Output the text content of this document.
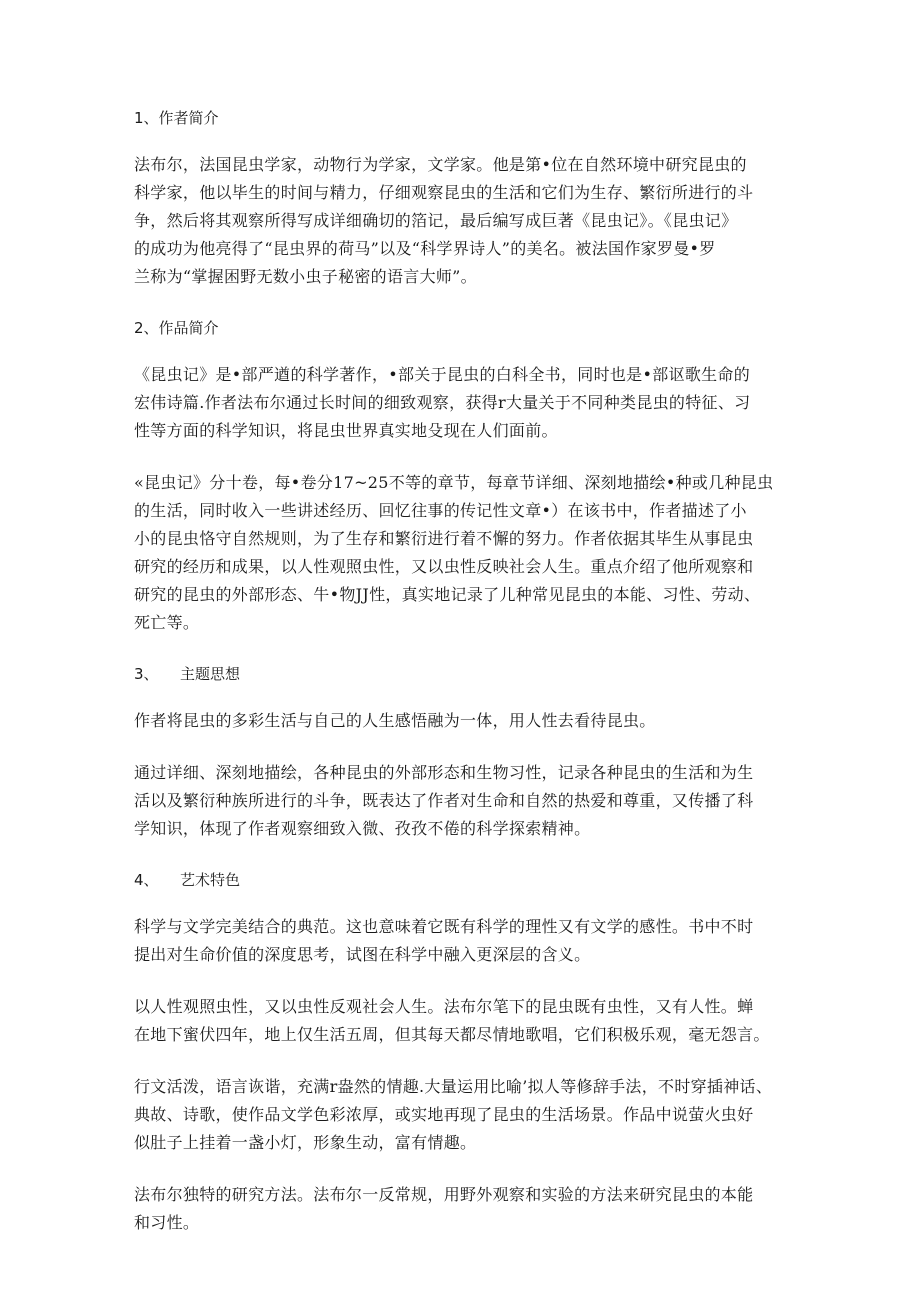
1、作者简介

法布尔，法国昆虫学家，动物行为学家，文学家。他是第•位在自然环境中研究昆虫的
科学家，他以毕生的时间与精力，仔细观察昆虫的生活和它们为生存、繁衍所进行的斗
争，然后将其观察所得写成详细确切的箔记，最后编写成巨著《昆虫记》。《昆虫记》
的成功为他亮得了“昆虫界的荷马”以及“科学界诗人”的美名。被法国作家罗曼•罗
兰称为“掌握困野无数小虫子秘密的语言大师”。

2、作品简介

《昆虫记》是•部严遒的科学著作，•部关于昆虫的白科全书，同时也是•部讴歌生命的
宏伟诗篇.作者法布尔通过长时间的细致观察，获得r大量关于不同种类昆虫的特征、习
性等方面的科学知识，将昆虫世界真实地殳现在人们面前。

«昆虫记》分十卷，每•卷分17~25不等的章节，每章节详细、深刻地描绘•种或几种昆虫
的生活，同时收入一些讲述经历、回忆往事的传记性文章•）在该书中，作者描述了小
小的昆虫恪守自然规则，为了生存和繁衍进行着不懈的努力。作者依据其毕生从事昆虫
研究的经历和成果，以人性观照虫性，又以虫性反映社会人生。重点介绍了他所观察和
研究的昆虫的外部形态、牛•物JJ性，真实地记录了儿种常见昆虫的本能、习性、劳动、
死亡等。

3、 主题思想

作者将昆虫的多彩生活与自己的人生感悟融为一体，用人性去看待昆虫。

通过详细、深刻地描绘，各种昆虫的外部形态和生物习性，记录各种昆虫的生活和为生
活以及繁衍种族所进行的斗争，既表达了作者对生命和自然的热爱和尊重，又传播了科
学知识，体现了作者观察细致入微、孜孜不倦的科学探索精神。

4、 艺术特色

科学与文学完美结合的典范。这也意味着它既有科学的理性又有文学的感性。书中不时
提出对生命价值的深度思考，试图在科学中融入更深层的含义。

以人性观照虫性，又以虫性反观社会人生。法布尔笔下的昆虫既有虫性，又有人性。蝉
在地下蜜伏四年，地上仅生活五周，但其每天都尽情地歌唱，它们积极乐观，毫无怨言。

行文活泼，语言诙谐，充满r盎然的情趣.大量运用比喻’拟人等修辞手法，不时穿插神话、
典故、诗歌，使作品文学色彩浓厚，或实地再现了昆虫的生活场景。作品中说萤火虫好
似肚子上挂着一盏小灯，形象生动，富有情趣。

法布尔独特的研究方法。法布尔一反常规，用野外观察和实验的方法来研究昆虫的本能
和习性。
